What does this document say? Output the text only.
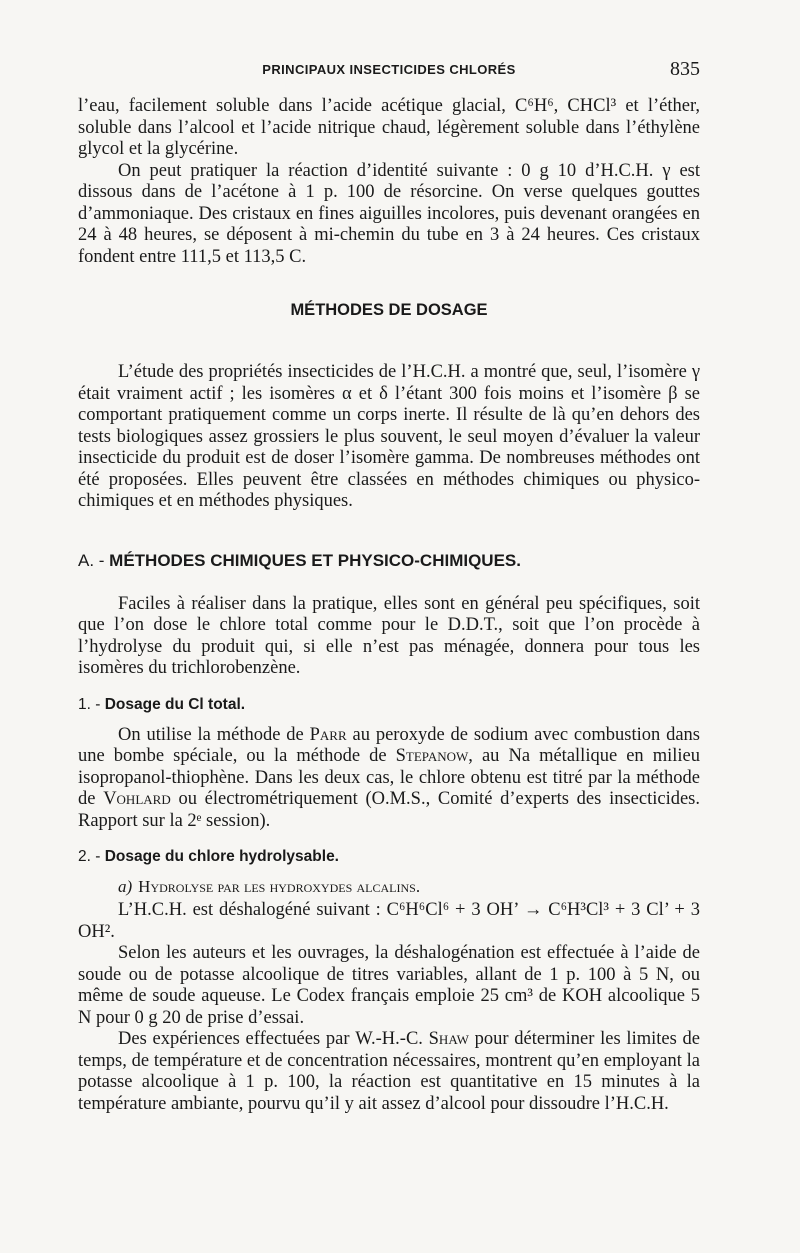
PRINCIPAUX INSECTICIDES CHLORÉS	835

l’eau, facilement soluble dans l’acide acétique glacial, C⁶H⁶, CHCl³ et l’éther, soluble dans l’alcool et l’acide nitrique chaud, légèrement soluble dans l’éthylène glycol et la glycérine.

On peut pratiquer la réaction d’identité suivante : 0 g 10 d’H.C.H. γ est dissous dans de l’acétone à 1 p. 100 de résorcine. On verse quelques gouttes d’ammoniaque. Des cristaux en fines aiguilles incolores, puis devenant orangées en 24 à 48 heures, se déposent à mi-chemin du tube en 3 à 24 heures. Ces cristaux fondent entre 111,5 et 113,5 C.

MÉTHODES DE DOSAGE

L’étude des propriétés insecticides de l’H.C.H. a montré que, seul, l’isomère γ était vraiment actif ; les isomères α et δ l’étant 300 fois moins et l’isomère β se comportant pratiquement comme un corps inerte. Il résulte de là qu’en dehors des tests biologiques assez grossiers le plus souvent, le seul moyen d’évaluer la valeur insecticide du produit est de doser l’isomère gamma. De nombreuses méthodes ont été proposées. Elles peuvent être classées en méthodes chimiques ou physico-chimiques et en méthodes physiques.

A. - MÉTHODES CHIMIQUES ET PHYSICO-CHIMIQUES.

Faciles à réaliser dans la pratique, elles sont en général peu spécifiques, soit que l’on dose le chlore total comme pour le D.D.T., soit que l’on procède à l’hydrolyse du produit qui, si elle n’est pas ménagée, donnera pour tous les isomères du trichlorobenzène.

1. - Dosage du Cl total.

On utilise la méthode de Parr au peroxyde de sodium avec combustion dans une bombe spéciale, ou la méthode de Stepanow, au Na métallique en milieu isopropanol-thiophène. Dans les deux cas, le chlore obtenu est titré par la méthode de Vohlard ou électrométriquement (O.M.S., Comité d’experts des insecticides. Rapport sur la 2ᵉ session).

2. - Dosage du chlore hydrolysable.
a) Hydrolyse par les hydroxydes alcalins.

L’H.C.H. est déshalogéné suivant : C⁶H⁶Cl⁶ + 3 OH’ → C⁶H³Cl³ + 3 Cl’ + 3 OH².

Selon les auteurs et les ouvrages, la déshalogénation est effectuée à l’aide de soude ou de potasse alcoolique de titres variables, allant de 1 p. 100 à 5 N, ou même de soude aqueuse. Le Codex français emploie 25 cm³ de KOH alcoolique 5 N pour 0 g 20 de prise d’essai.

Des expériences effectuées par W.-H.-C. Shaw pour déterminer les limites de temps, de température et de concentration nécessaires, montrent qu’en employant la potasse alcoolique à 1 p. 100, la réaction est quantitative en 15 minutes à la température ambiante, pourvu qu’il y ait assez d’alcool pour dissoudre l’H.C.H.
